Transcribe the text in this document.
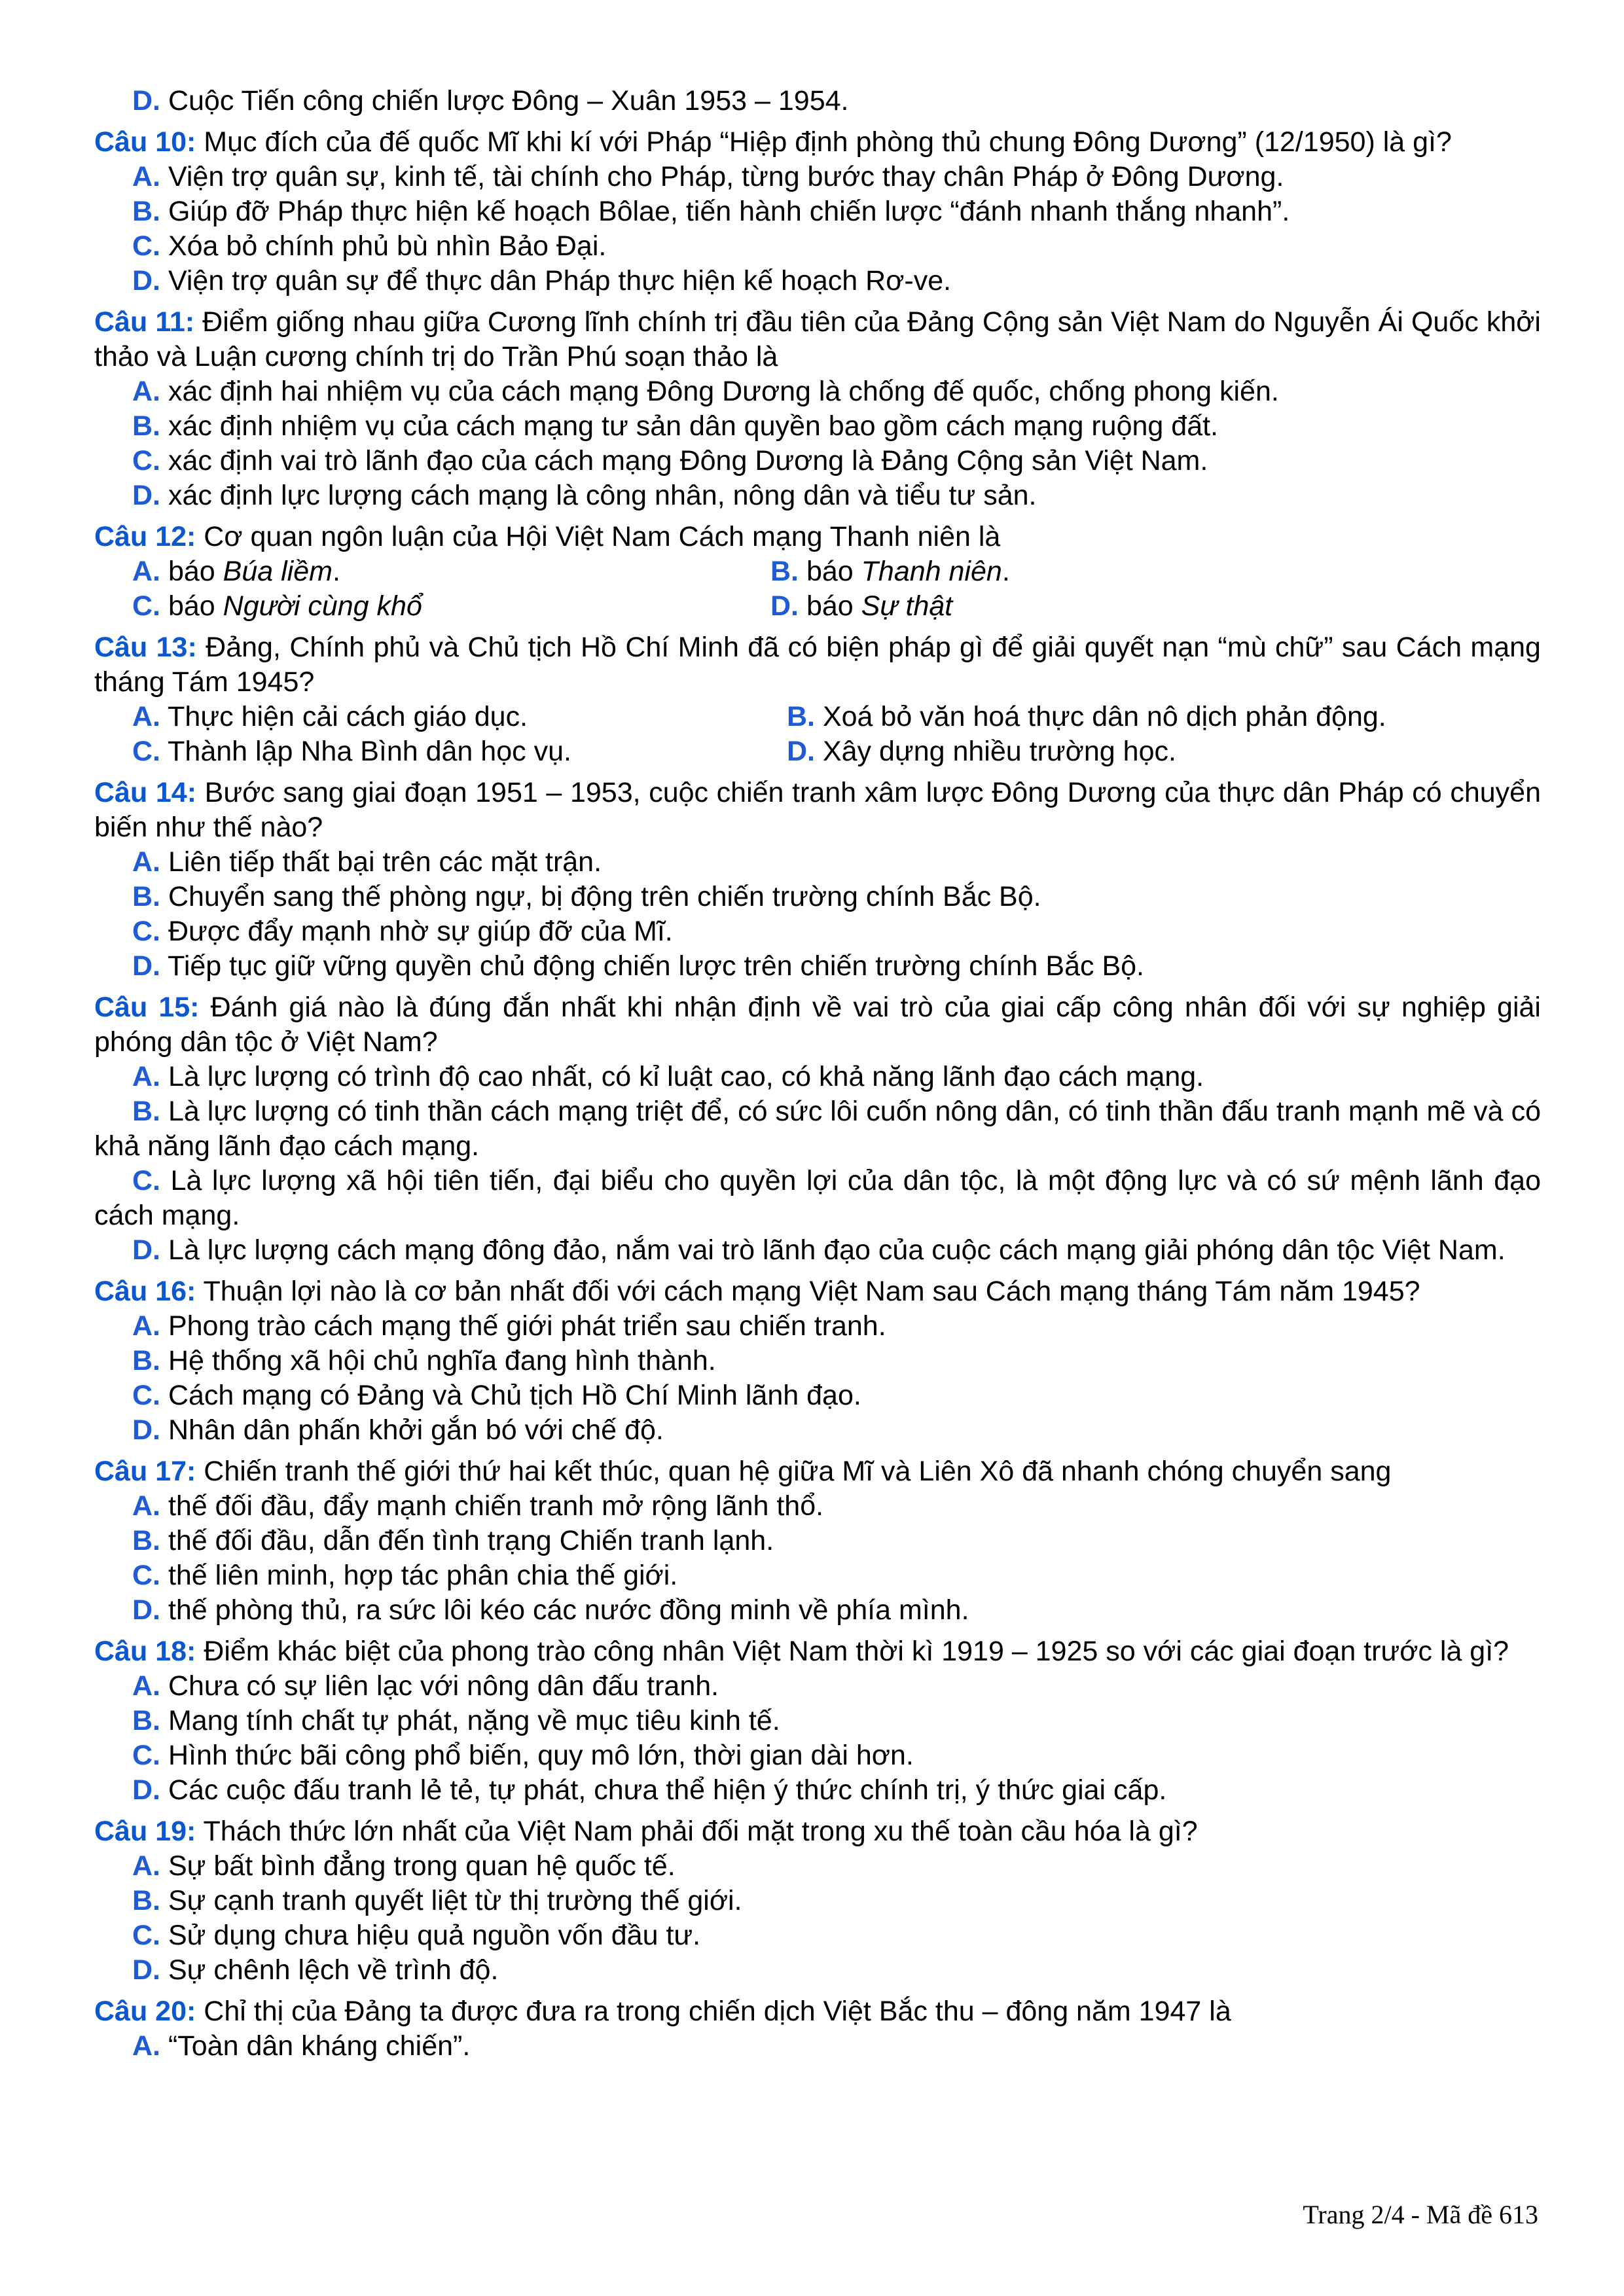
D. Cuộc Tiến công chiến lược Đông – Xuân 1953 – 1954.
Câu 10: Mục đích của đế quốc Mĩ khi kí với Pháp “Hiệp định phòng thủ chung Đông Dương” (12/1950) là gì?
A. Viện trợ quân sự, kinh tế, tài chính cho Pháp, từng bước thay chân Pháp ở Đông Dương.
B. Giúp đỡ Pháp thực hiện kế hoạch Bôlae, tiến hành chiến lược “đánh nhanh thắng nhanh”.
C. Xóa bỏ chính phủ bù nhìn Bảo Đại.
D. Viện trợ quân sự để thực dân Pháp thực hiện kế hoạch Rơ-ve.
Câu 11: Điểm giống nhau giữa Cương lĩnh chính trị đầu tiên của Đảng Cộng sản Việt Nam do Nguyễn Ái Quốc khởi thảo và Luận cương chính trị do Trần Phú soạn thảo là
A. xác định hai nhiệm vụ của cách mạng Đông Dương là chống đế quốc, chống phong kiến.
B. xác định nhiệm vụ của cách mạng tư sản dân quyền bao gồm cách mạng ruộng đất.
C. xác định vai trò lãnh đạo của cách mạng Đông Dương là Đảng Cộng sản Việt Nam.
D. xác định lực lượng cách mạng là công nhân, nông dân và tiểu tư sản.
Câu 12: Cơ quan ngôn luận của Hội Việt Nam Cách mạng Thanh niên là
A. báo Búa liềm.	B. báo Thanh niên.
C. báo Người cùng khổ	D. báo Sự thật
Câu 13: Đảng, Chính phủ và Chủ tịch Hồ Chí Minh đã có biện pháp gì để giải quyết nạn “mù chữ” sau Cách mạng tháng Tám 1945?
A. Thực hiện cải cách giáo dục.	B. Xoá bỏ văn hoá thực dân nô dịch phản động.
C. Thành lập Nha Bình dân học vụ.	D. Xây dựng nhiều trường học.
Câu 14: Bước sang giai đoạn 1951 – 1953, cuộc chiến tranh xâm lược Đông Dương của thực dân Pháp có chuyển biến như thế nào?
A. Liên tiếp thất bại trên các mặt trận.
B. Chuyển sang thế phòng ngự, bị động trên chiến trường chính Bắc Bộ.
C. Được đẩy mạnh nhờ sự giúp đỡ của Mĩ.
D. Tiếp tục giữ vững quyền chủ động chiến lược trên chiến trường chính Bắc Bộ.
Câu 15: Đánh giá nào là đúng đắn nhất khi nhận định về vai trò của giai cấp công nhân đối với sự nghiệp giải phóng dân tộc ở Việt Nam?
A. Là lực lượng có trình độ cao nhất, có kỉ luật cao, có khả năng lãnh đạo cách mạng.
B. Là lực lượng có tinh thần cách mạng triệt để, có sức lôi cuốn nông dân, có tinh thần đấu tranh mạnh mẽ và có khả năng lãnh đạo cách mạng.
C. Là lực lượng xã hội tiên tiến, đại biểu cho quyền lợi của dân tộc, là một động lực và có sứ mệnh lãnh đạo cách mạng.
D. Là lực lượng cách mạng đông đảo, nắm vai trò lãnh đạo của cuộc cách mạng giải phóng dân tộc Việt Nam.
Câu 16: Thuận lợi nào là cơ bản nhất đối với cách mạng Việt Nam sau Cách mạng tháng Tám năm 1945?
A. Phong trào cách mạng thế giới phát triển sau chiến tranh.
B. Hệ thống xã hội chủ nghĩa đang hình thành.
C. Cách mạng có Đảng và Chủ tịch Hồ Chí Minh lãnh đạo.
D. Nhân dân phấn khởi gắn bó với chế độ.
Câu 17: Chiến tranh thế giới thứ hai kết thúc, quan hệ giữa Mĩ và Liên Xô đã nhanh chóng chuyển sang
A. thế đối đầu, đẩy mạnh chiến tranh mở rộng lãnh thổ.
B. thế đối đầu, dẫn đến tình trạng Chiến tranh lạnh.
C. thế liên minh, hợp tác phân chia thế giới.
D. thế phòng thủ, ra sức lôi kéo các nước đồng minh về phía mình.
Câu 18: Điểm khác biệt của phong trào công nhân Việt Nam thời kì 1919 – 1925 so với các giai đoạn trước là gì?
A. Chưa có sự liên lạc với nông dân đấu tranh.
B. Mang tính chất tự phát, nặng về mục tiêu kinh tế.
C. Hình thức bãi công phổ biến, quy mô lớn, thời gian dài hơn.
D. Các cuộc đấu tranh lẻ tẻ, tự phát, chưa thể hiện ý thức chính trị, ý thức giai cấp.
Câu 19: Thách thức lớn nhất của Việt Nam phải đối mặt trong xu thế toàn cầu hóa là gì?
A. Sự bất bình đẳng trong quan hệ quốc tế.
B. Sự cạnh tranh quyết liệt từ thị trường thế giới.
C. Sử dụng chưa hiệu quả nguồn vốn đầu tư.
D. Sự chênh lệch về trình độ.
Câu 20: Chỉ thị của Đảng ta được đưa ra trong chiến dịch Việt Bắc thu – đông năm 1947 là
A. “Toàn dân kháng chiến”.
Trang 2/4 - Mã đề 613
